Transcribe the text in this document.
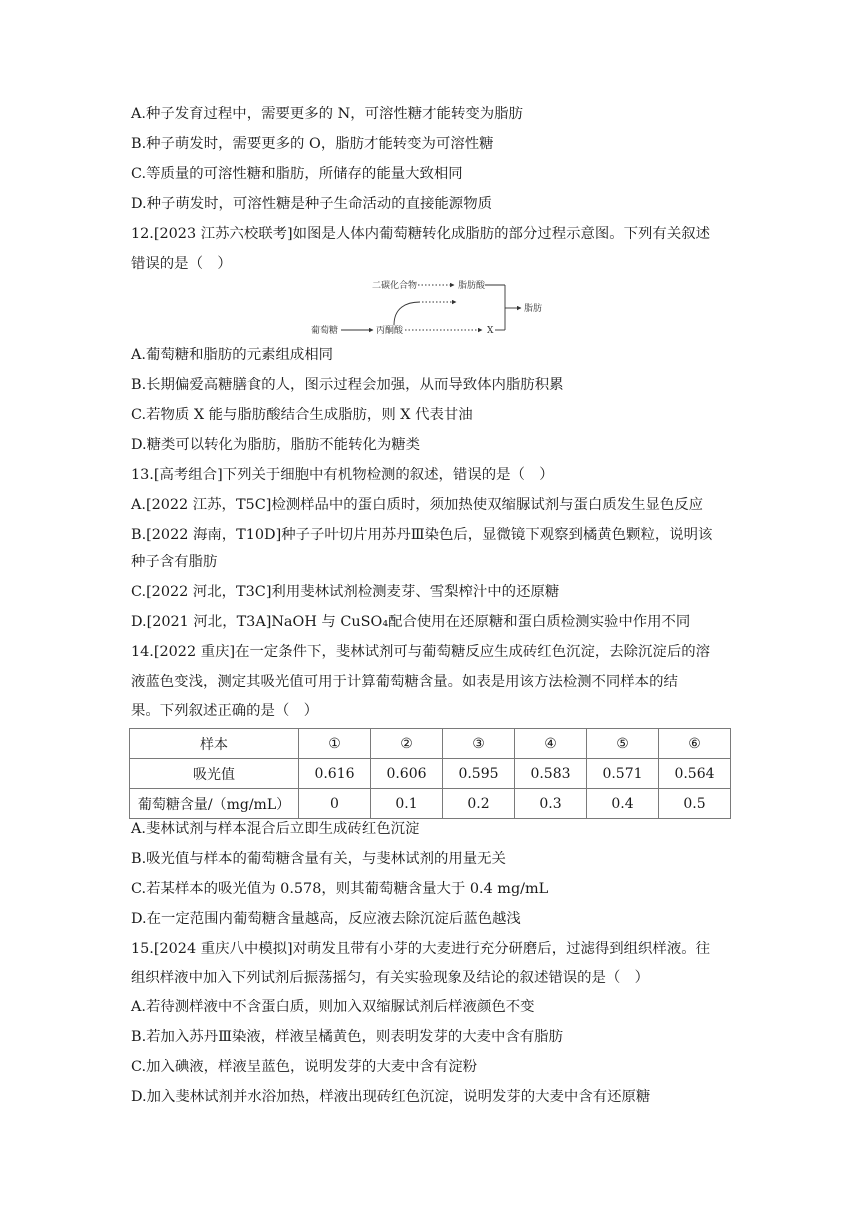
A.种子发育过程中，需要更多的 N，可溶性糖才能转变为脂肪
B.种子萌发时，需要更多的 O，脂肪才能转变为可溶性糖
C.等质量的可溶性糖和脂肪，所储存的能量大致相同
D.种子萌发时，可溶性糖是种子生命活动的直接能源物质
12.[2023 江苏六校联考]如图是人体内葡萄糖转化成脂肪的部分过程示意图。下列有关叙述
错误的是（　）
葡萄糖	丙酮酸	X
二碳化合物	脂肪酸
脂肪
A.葡萄糖和脂肪的元素组成相同
B.长期偏爱高糖膳食的人，图示过程会加强，从而导致体内脂肪积累
C.若物质 X 能与脂肪酸结合生成脂肪，则 X 代表甘油
D.糖类可以转化为脂肪，脂肪不能转化为糖类
13.[高考组合]下列关于细胞中有机物检测的叙述，错误的是（　）
A.[2022 江苏，T5C]检测样品中的蛋白质时，须加热使双缩脲试剂与蛋白质发生显色反应
B.[2022 海南，T10D]种子子叶切片用苏丹Ⅲ染色后，显微镜下观察到橘黄色颗粒，说明该
种子含有脂肪
C.[2022 河北，T3C]利用斐林试剂检测麦芽、雪梨榨汁中的还原糖
D.[2021 河北，T3A]NaOH 与 CuSO₄配合使用在还原糖和蛋白质检测实验中作用不同
14.[2022 重庆]在一定条件下，斐林试剂可与葡萄糖反应生成砖红色沉淀，去除沉淀后的溶
液蓝色变浅，测定其吸光值可用于计算葡萄糖含量。如表是用该方法检测不同样本的结
果。下列叙述正确的是（　）
样本	①	②	③	④	⑤	⑥
吸光值	0.616	0.606	0.595	0.583	0.571	0.564
葡萄糖含量/（mg/mL）	0	0.1	0.2	0.3	0.4	0.5
A.斐林试剂与样本混合后立即生成砖红色沉淀
B.吸光值与样本的葡萄糖含量有关，与斐林试剂的用量无关
C.若某样本的吸光值为 0.578，则其葡萄糖含量大于 0.4 mg/mL
D.在一定范围内葡萄糖含量越高，反应液去除沉淀后蓝色越浅
15.[2024 重庆八中模拟]对萌发且带有小芽的大麦进行充分研磨后，过滤得到组织样液。往
组织样液中加入下列试剂后振荡摇匀，有关实验现象及结论的叙述错误的是（　）
A.若待测样液中不含蛋白质，则加入双缩脲试剂后样液颜色不变
B.若加入苏丹Ⅲ染液，样液呈橘黄色，则表明发芽的大麦中含有脂肪
C.加入碘液，样液呈蓝色，说明发芽的大麦中含有淀粉
D.加入斐林试剂并水浴加热，样液出现砖红色沉淀，说明发芽的大麦中含有还原糖
